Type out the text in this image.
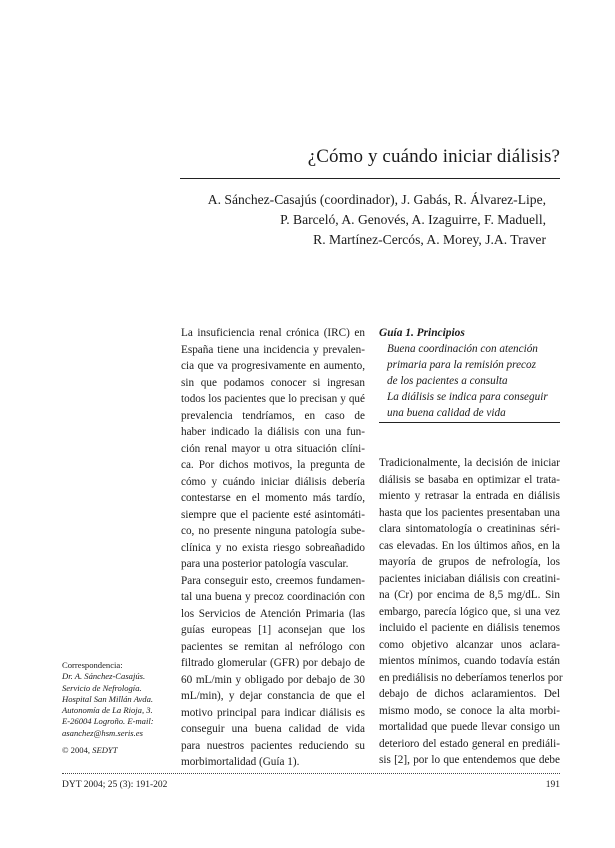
¿Cómo y cuándo iniciar diálisis?
A. Sánchez-Casajús (coordinador), J. Gabás, R. Álvarez-Lipe,
P. Barceló, A. Genovés, A. Izaguirre, F. Maduell,
R. Martínez-Cercós, A. Morey, J.A. Traver
La insuficiencia renal crónica (IRC) en
España tiene una incidencia y prevalen-
cia que va progresivamente en aumento,
sin que podamos conocer si ingresan
todos los pacientes que lo precisan y qué
prevalencia tendríamos, en caso de
haber indicado la diálisis con una fun-
ción renal mayor u otra situación clíni-
ca. Por dichos motivos, la pregunta de
cómo y cuándo iniciar diálisis debería
contestarse en el momento más tardío,
siempre que el paciente esté asintomáti-
co, no presente ninguna patología sube-
clínica y no exista riesgo sobreañadido
para una posterior patología vascular.
Para conseguir esto, creemos fundamen-
tal una buena y precoz coordinación con
los Servicios de Atención Primaria (las
guías europeas [1] aconsejan que los
pacientes se remitan al nefrólogo con
filtrado glomerular (GFR) por debajo de
60 mL/min y obligado por debajo de 30
mL/min), y dejar constancia de que el
motivo principal para indicar diálisis es
conseguir una buena calidad de vida
para nuestros pacientes reduciendo su
morbimortalidad (Guía 1).

Guía 1. Principios

Buena coordinación con atención
primaria para la remisión precoz
de los pacientes a consulta
La diálisis se indica para conseguir
una buena calidad de vida
Tradicionalmente, la decisión de iniciar
diálisis se basaba en optimizar el trata-
miento y retrasar la entrada en diálisis
hasta que los pacientes presentaban una
clara sintomatología o creatininas séri-
cas elevadas. En los últimos años, en la
mayoría de grupos de nefrología, los
pacientes iniciaban diálisis con creatini-
na (Cr) por encima de 8,5 mg/dL. Sin
embargo, parecía lógico que, si una vez
incluido el paciente en diálisis tenemos
como objetivo alcanzar unos aclara-
mientos mínimos, cuando todavía están
en prediálisis no deberíamos tenerlos por
debajo de dichos aclaramientos. Del
mismo modo, se conoce la alta morbi-
mortalidad que puede llevar consigo un
deterioro del estado general en prediáli-
sis [2], por lo que entendemos que debe

Correspondencia:

Dr. A. Sánchez-Casajús.
Servicio de Nefrología.
Hospital San Millán Avda.
Autonomía de La Rioja, 3.
E-26004 Logroño. E-mail:
asanchez@hsm.seris.es
© 2004, SEDYT
DYT 2004; 25 (3): 191-202	191
